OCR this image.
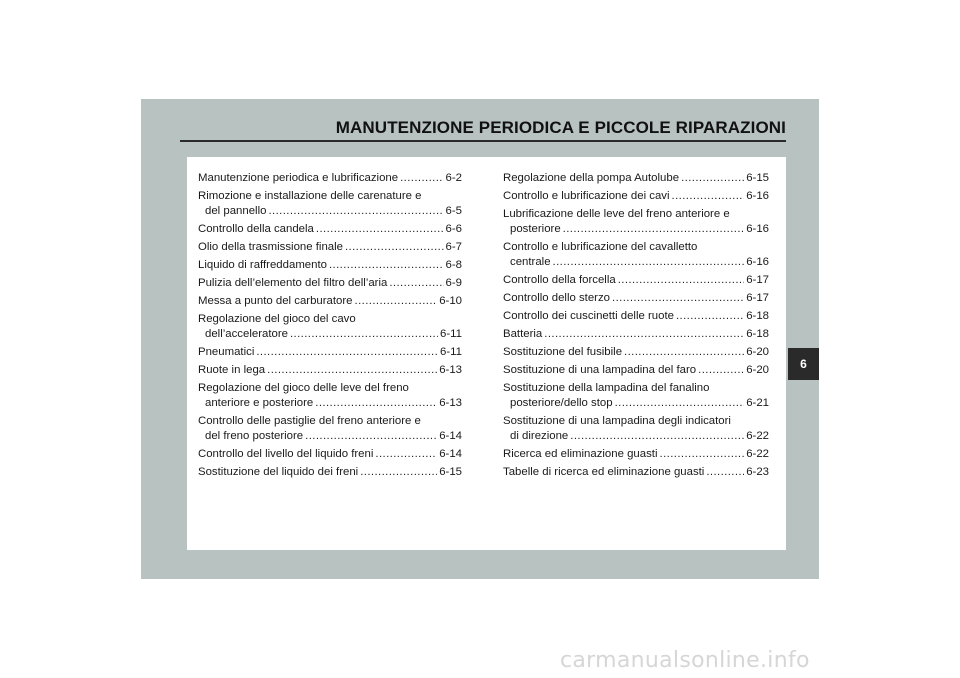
MANUTENZIONE PERIODICA E PICCOLE RIPARAZIONI
Manutenzione periodica e lubrificazione .....	6-2
Rimozione e installazione delle carenature e
del pannello .....	6-5
Controllo della candela .....	6-6
Olio della trasmissione finale .....	6-7
Liquido di raffreddamento .....	6-8
Pulizia dell’elemento del filtro dell’aria .....	6-9
Messa a punto del carburatore .....	6-10
Regolazione del gioco del cavo
dell’acceleratore .....	6-11
Pneumatici .....	6-11
Ruote in lega .....	6-13
Regolazione del gioco delle leve del freno
anteriore e posteriore .....	6-13
Controllo delle pastiglie del freno anteriore e
del freno posteriore .....	6-14
Controllo del livello del liquido freni .....	6-14
Sostituzione del liquido dei freni .....	6-15
Regolazione della pompa Autolube .....	6-15
Controllo e lubrificazione dei cavi .....	6-16
Lubrificazione delle leve del freno anteriore e
posteriore .....	6-16
Controllo e lubrificazione del cavalletto
centrale .....	6-16
Controllo della forcella .....	6-17
Controllo dello sterzo .....	6-17
Controllo dei cuscinetti delle ruote .....	6-18
Batteria .....	6-18
Sostituzione del fusibile .....	6-20
Sostituzione di una lampadina del faro .....	6-20
Sostituzione della lampadina del fanalino
posteriore/dello stop .....	6-21
Sostituzione di una lampadina degli indicatori
di direzione .....	6-22
Ricerca ed eliminazione guasti .....	6-22
Tabelle di ricerca ed eliminazione guasti .....	6-23
6
carmanualsonline.info
